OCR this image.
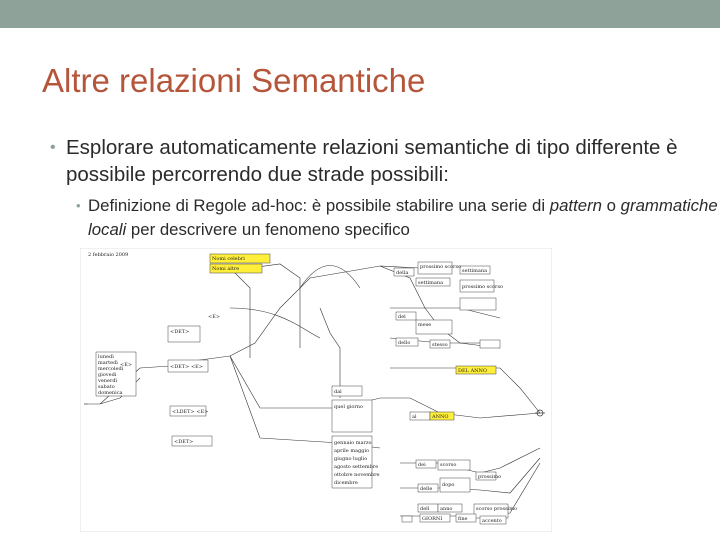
Altre relazioni Semantiche
• Esplorare automaticamente relazioni semantiche di tipo differente è possibile percorrendo due strade possibili:
• Definizione di Regole ad-hoc: è possibile stabilire una serie di pattern o grammatiche locali per descrivere un fenomeno specifico
2 febbraio 2009
Nomi celebri
Nomi altre
<DET>
<DET> <E>
<LDET> <E>
<DET>
lunedì
martedì
mercoledì
giovedì
venerdì
sabato
domenica
della
prossimo scorso
settimana
settimana
prossimo scorso
del
mese
dello	stesso
DEL ANNO
dal
quel giorno
gennaio marzo
aprile maggio
giugno luglio
agosto settembre
ottobre novembre
dicembre
al	ANNO
dei	scorso
prossimo
delle
dopo
dell anno	scorso prossimo
GIORNI	fine	accento
<E>
<E>
